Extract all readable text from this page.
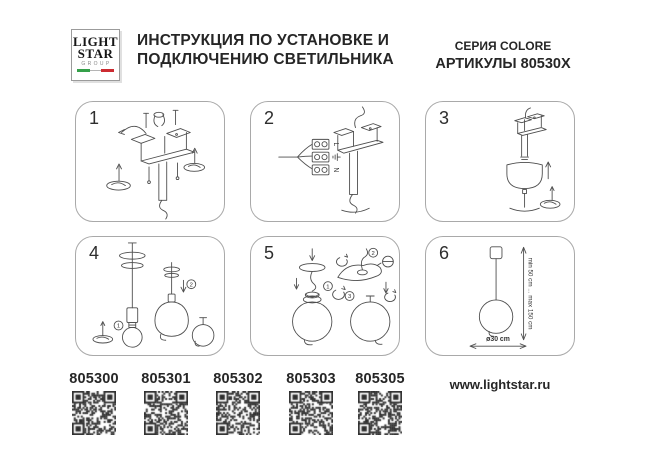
LIGHT
STAR
GROUP
ИНСТРУКЦИЯ ПО УСТАНОВКЕ И
ПОДКЛЮЧЕНИЮ СВЕТИЛЬНИКА
СЕРИЯ COLORE
АРТИКУЛЫ 80530X
1	2
L
N
3
4
1
2
5
1
2
3
6
min 50 cm ... max 150 cm
ø30 cm
805300	805301	805302	805303	805305	www.lightstar.ru
